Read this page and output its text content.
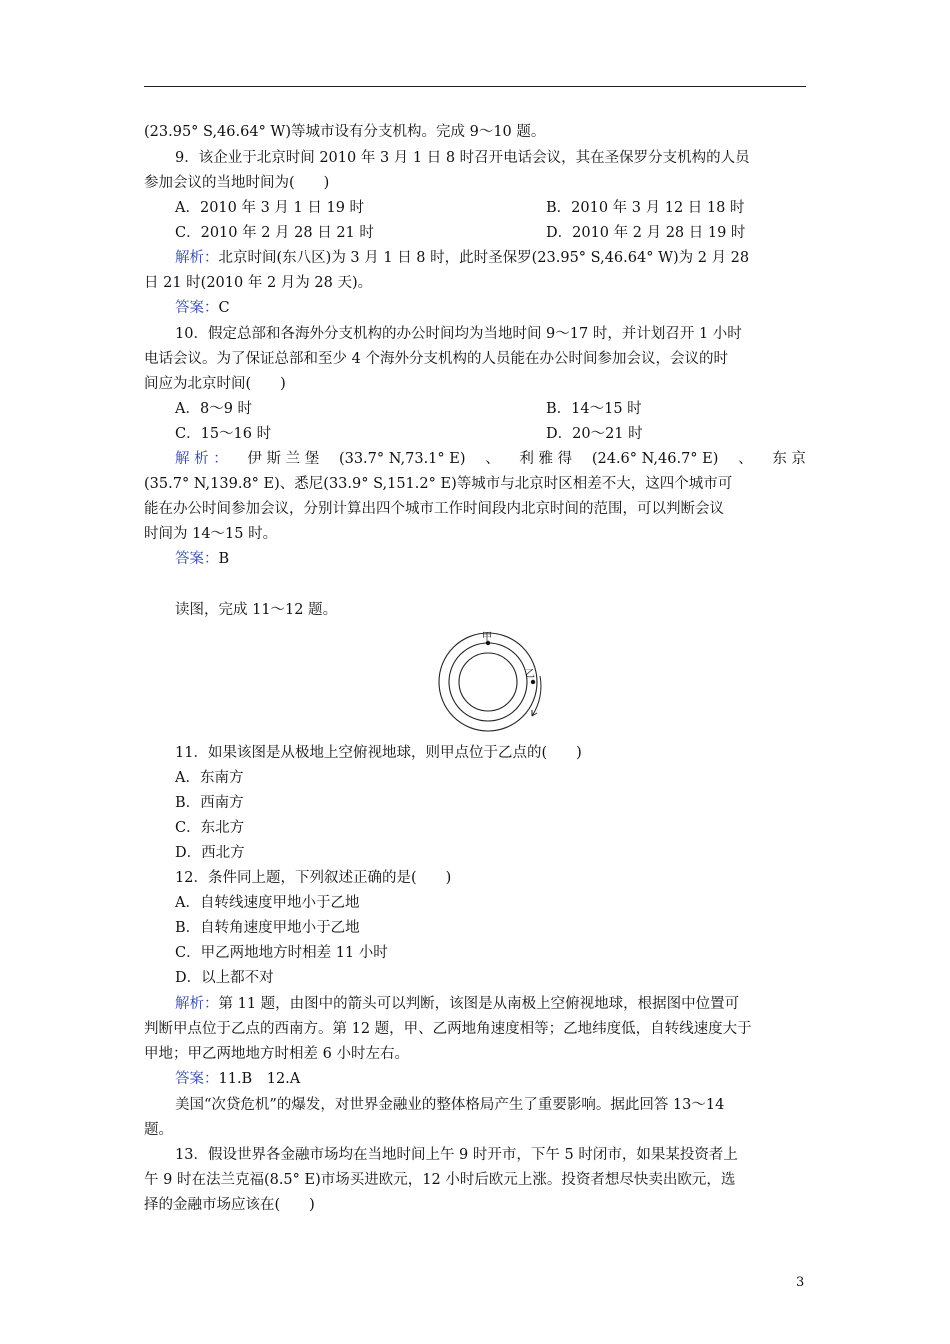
(23.95° S,46.64° W)等城市设有分支机构。完成 9～10 题。
9．该企业于北京时间 2010 年 3 月 1 日 8 时召开电话会议，其在圣保罗分支机构的人员
参加会议的当地时间为(　　)
A．2010 年 3 月 1 日 19 时	B．2010 年 3 月 12 日 18 时
C．2010 年 2 月 28 日 21 时	D．2010 年 2 月 28 日 19 时
解析：北京时间(东八区)为 3 月 1 日 8 时，此时圣保罗(23.95° S,46.64° W)为 2 月 28
日 21 时(2010 年 2 月为 28 天)。
答案：C
10．假定总部和各海外分支机构的办公时间均为当地时间 9～17 时，并计划召开 1 小时
电话会议。为了保证总部和至少 4 个海外分支机构的人员能在办公时间参加会议，会议的时
间应为北京时间(　　)
A．8～9 时	B．14～15 时
C．15～16 时	D．20～21 时
解 析 ： 伊 斯 兰 堡 (33.7° N,73.1° E) 、 利 雅 得 (24.6° N,46.7° E) 、 东 京
(35.7° N,139.8° E)、悉尼(33.9° S,151.2° E)等城市与北京时区相差不大，这四个城市可
能在办公时间参加会议，分别计算出四个城市工作时间段内北京时间的范围，可以判断会议
时间为 14～15 时。
答案：B
读图，完成 11～12 题。
甲
乙
11．如果该图是从极地上空俯视地球，则甲点位于乙点的(　　)
A．东南方
B．西南方
C．东北方
D．西北方
12．条件同上题，下列叙述正确的是(　　)
A．自转线速度甲地小于乙地
B．自转角速度甲地小于乙地
C．甲乙两地地方时相差 11 小时
D．以上都不对
解析：第 11 题，由图中的箭头可以判断，该图是从南极上空俯视地球，根据图中位置可
判断甲点位于乙点的西南方。第 12 题，甲、乙两地角速度相等；乙地纬度低，自转线速度大于
甲地；甲乙两地地方时相差 6 小时左右。
答案：11.B　12.A
美国“次贷危机”的爆发，对世界金融业的整体格局产生了重要影响。据此回答 13～14
题。
13．假设世界各金融市场均在当地时间上午 9 时开市，下午 5 时闭市，如果某投资者上
午 9 时在法兰克福(8.5° E)市场买进欧元，12 小时后欧元上涨。投资者想尽快卖出欧元，选
择的金融市场应该在(　　)
3
